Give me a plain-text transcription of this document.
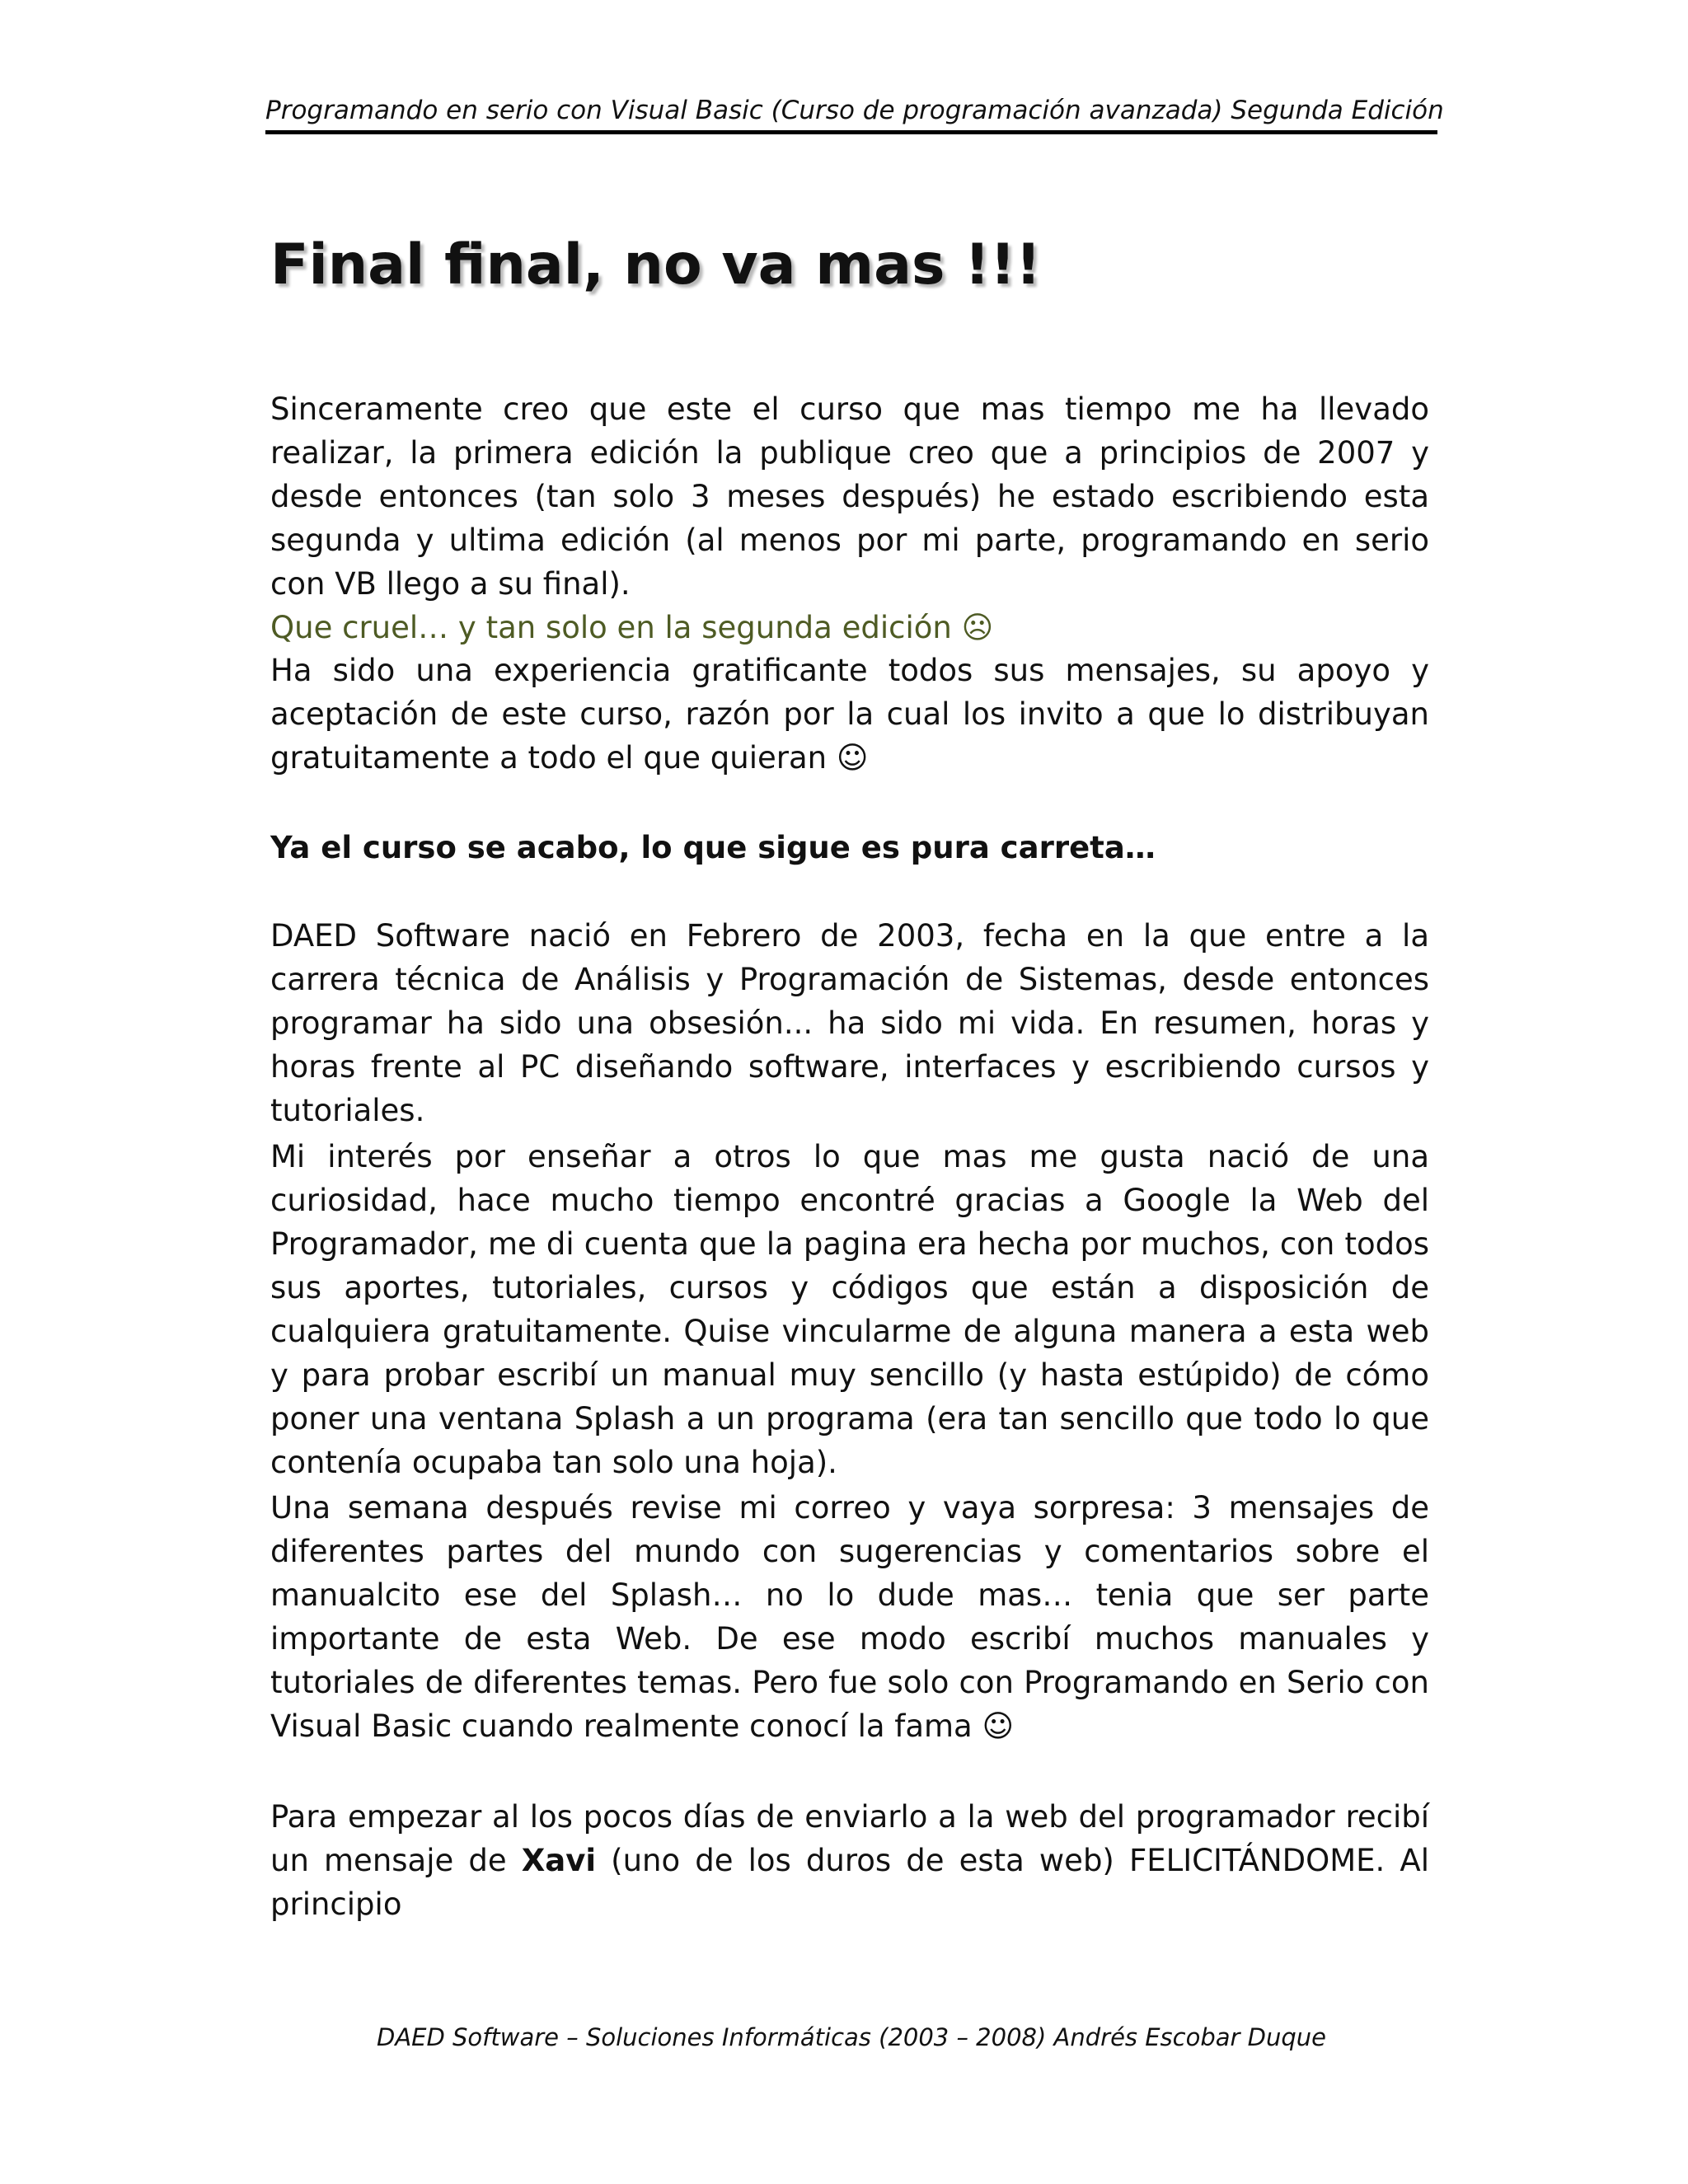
Programando en serio con Visual Basic (Curso de programación avanzada) Segunda Edición
Final final, no va mas !!!

Sinceramente creo que este el curso que mas tiempo me ha llevado realizar, la primera edición la publique creo que a principios de 2007 y desde entonces (tan solo 3 meses después) he estado escribiendo esta segunda y ultima edición (al menos por mi parte, programando en serio con VB llego a su final).
Que cruel… y tan solo en la segunda edición ☹

Ha sido una experiencia gratificante todos sus mensajes, su apoyo y aceptación de este curso, razón por la cual los invito a que lo distribuyan gratuitamente a todo el que quieran ☺

Ya el curso se acabo, lo que sigue es pura carreta…

DAED Software nació en Febrero de 2003, fecha en la que entre a la carrera técnica de Análisis y Programación de Sistemas, desde entonces programar ha sido una obsesión... ha sido mi vida. En resumen, horas y horas frente al PC diseñando software, interfaces y escribiendo cursos y tutoriales.

Mi interés por enseñar a otros lo que mas me gusta nació de una curiosidad, hace mucho tiempo encontré gracias a Google la Web del Programador, me di cuenta que la pagina era hecha por muchos, con todos sus aportes, tutoriales, cursos y códigos que están a disposición de cualquiera gratuitamente. Quise vincularme de alguna manera a esta web y para probar escribí un manual muy sencillo (y hasta estúpido) de cómo poner una ventana Splash a un programa (era tan sencillo que todo lo que contenía ocupaba tan solo una hoja).

Una semana después revise mi correo y vaya sorpresa: 3 mensajes de diferentes partes del mundo con sugerencias y comentarios sobre el manualcito ese del Splash… no lo dude mas… tenia que ser parte importante de esta Web. De ese modo escribí muchos manuales y tutoriales de diferentes temas. Pero fue solo con Programando en Serio con Visual Basic cuando realmente conocí la fama ☺

Para empezar al los pocos días de enviarlo a la web del programador recibí un mensaje de Xavi (uno de los duros de esta web) FELICITÁNDOME. Al principio

DAED Software – Soluciones Informáticas (2003 – 2008) Andrés Escobar Duque
